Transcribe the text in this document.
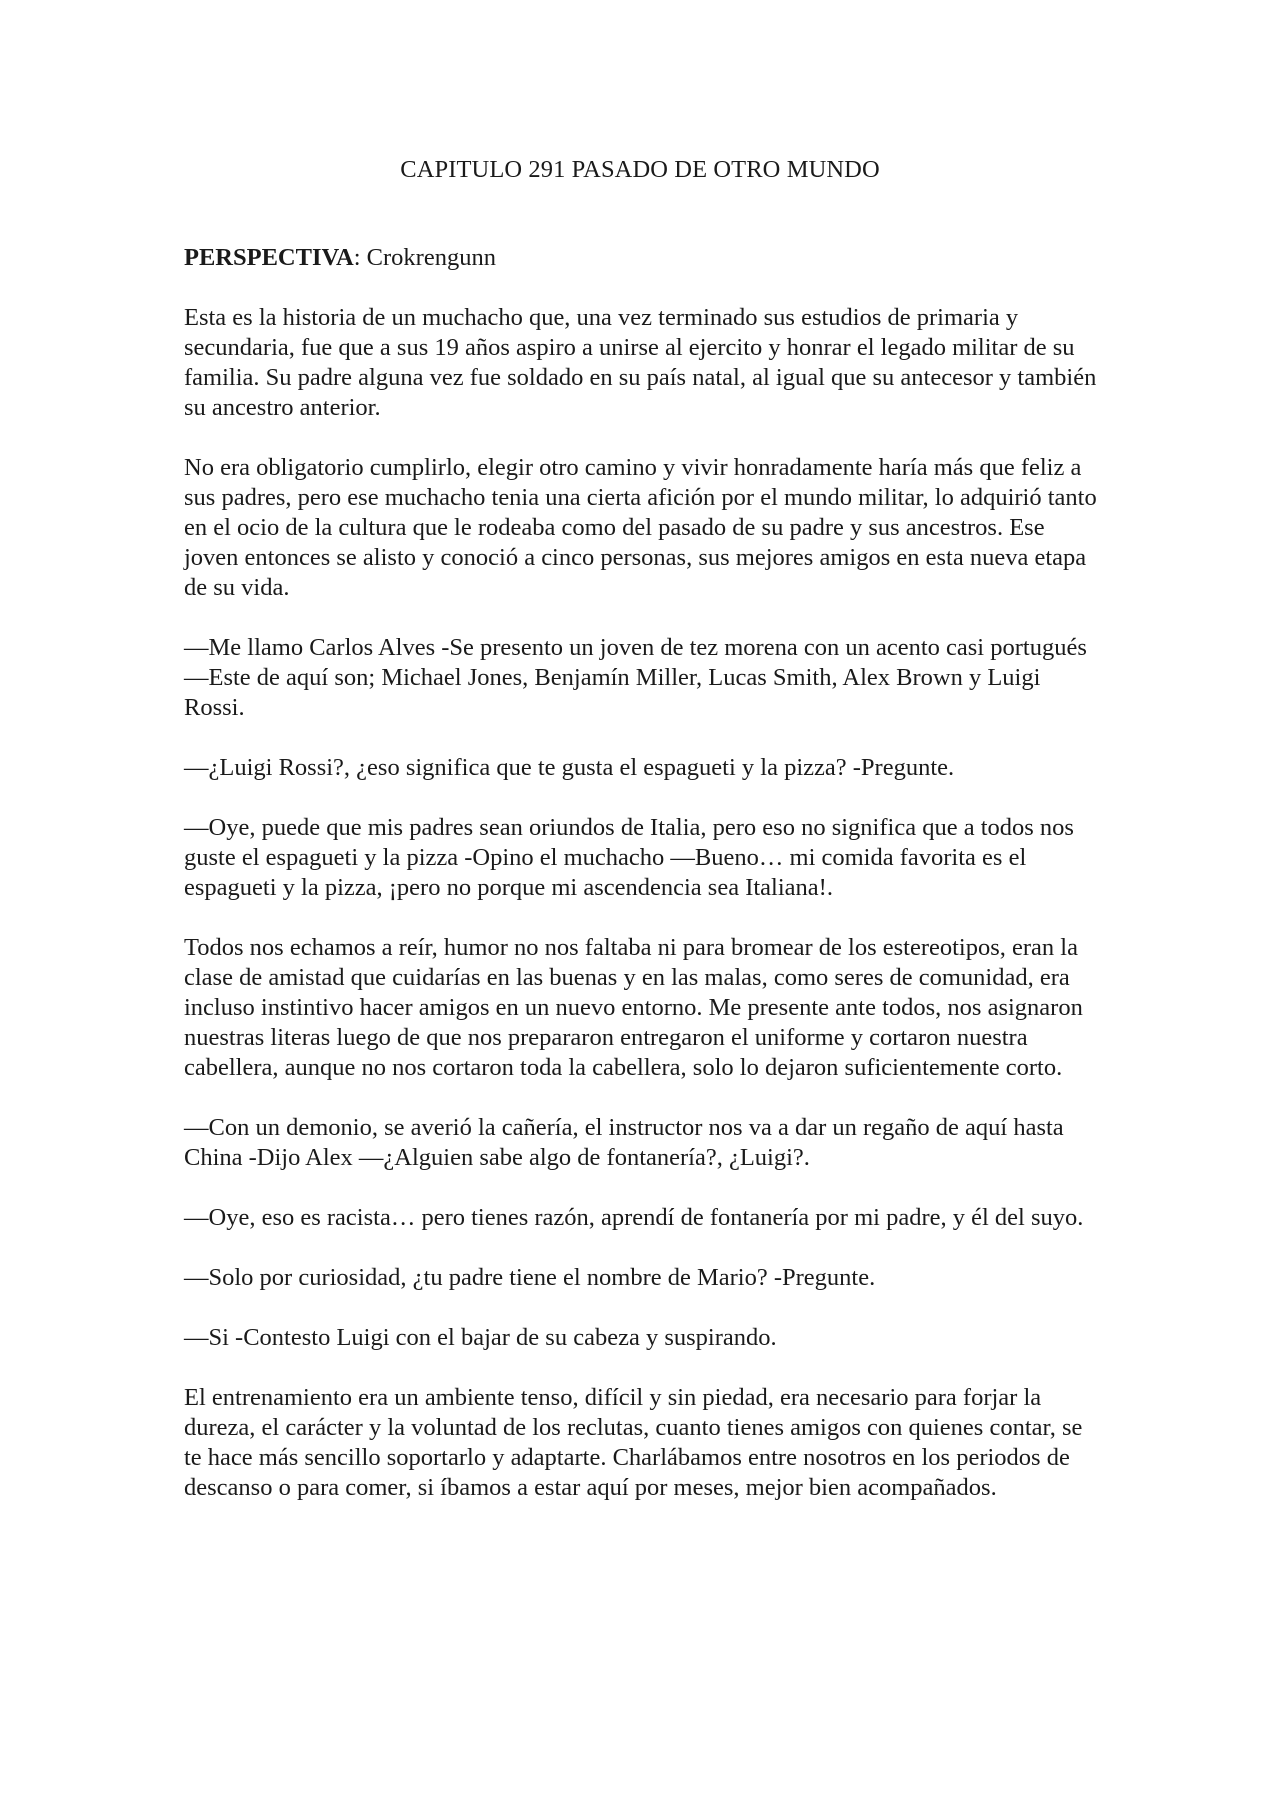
CAPITULO 291 PASADO DE OTRO MUNDO

PERSPECTIVA: Crokrengunn

Esta es la historia de un muchacho que, una vez terminado sus estudios de primaria y secundaria, fue que a sus 19 años aspiro a unirse al ejercito y honrar el legado militar de su familia. Su padre alguna vez fue soldado en su país natal, al igual que su antecesor y también su ancestro anterior.

No era obligatorio cumplirlo, elegir otro camino y vivir honradamente haría más que feliz a sus padres, pero ese muchacho tenia una cierta afición por el mundo militar, lo adquirió tanto en el ocio de la cultura que le rodeaba como del pasado de su padre y sus ancestros. Ese joven entonces se alisto y conoció a cinco personas, sus mejores amigos en esta nueva etapa de su vida.

—Me llamo Carlos Alves -Se presento un joven de tez morena con un acento casi portugués —Este de aquí son; Michael Jones, Benjamín Miller, Lucas Smith, Alex Brown y Luigi Rossi.

—¿Luigi Rossi?, ¿eso significa que te gusta el espagueti y la pizza? -Pregunte.

—Oye, puede que mis padres sean oriundos de Italia, pero eso no significa que a todos nos guste el espagueti y la pizza -Opino el muchacho —Bueno… mi comida favorita es el espagueti y la pizza, ¡pero no porque mi ascendencia sea Italiana!.

Todos nos echamos a reír, humor no nos faltaba ni para bromear de los estereotipos, eran la clase de amistad que cuidarías en las buenas y en las malas, como seres de comunidad, era incluso instintivo hacer amigos en un nuevo entorno. Me presente ante todos, nos asignaron nuestras literas luego de que nos prepararon entregaron el uniforme y cortaron nuestra cabellera, aunque no nos cortaron toda la cabellera, solo lo dejaron suficientemente corto.

—Con un demonio, se averió la cañería, el instructor nos va a dar un regaño de aquí hasta China -Dijo Alex —¿Alguien sabe algo de fontanería?, ¿Luigi?.

—Oye, eso es racista… pero tienes razón, aprendí de fontanería por mi padre, y él del suyo.

—Solo por curiosidad, ¿tu padre tiene el nombre de Mario? -Pregunte.

—Si -Contesto Luigi con el bajar de su cabeza y suspirando.

El entrenamiento era un ambiente tenso, difícil y sin piedad, era necesario para forjar la dureza, el carácter y la voluntad de los reclutas, cuanto tienes amigos con quienes contar, se te hace más sencillo soportarlo y adaptarte. Charlábamos entre nosotros en los periodos de descanso o para comer, si íbamos a estar aquí por meses, mejor bien acompañados.
